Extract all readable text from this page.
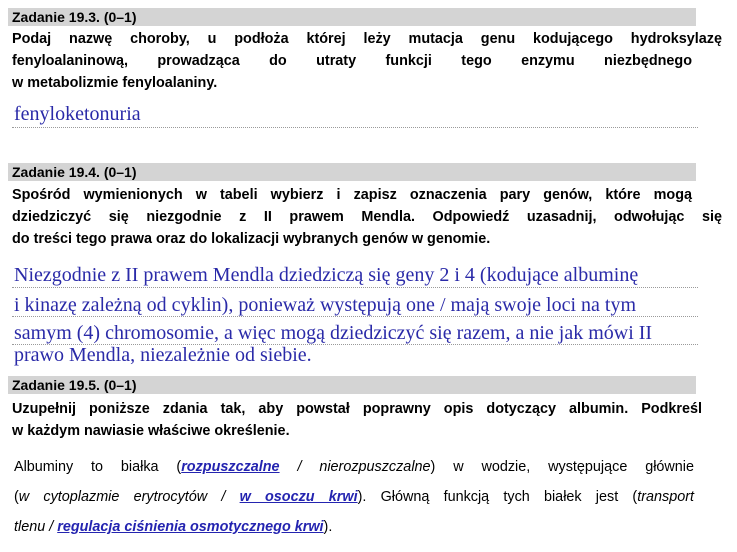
Zadanie 19.3. (0–1)
Podaj nazwę choroby, u podłoża której leży mutacja genu kodującego hydroksylazę
fenyloalaninową, prowadząca do utraty funkcji tego enzymu niezbędnego
w metabolizmie fenyloalaniny.
fenyloketonuria
Zadanie 19.4. (0–1)
Spośród wymienionych w tabeli wybierz i zapisz oznaczenia pary genów, które mogą
dziedziczyć się niezgodnie z II prawem Mendla. Odpowiedź uzasadnij, odwołując się
do treści tego prawa oraz do lokalizacji wybranych genów w genomie.
Niezgodnie z II prawem Mendla dziedziczą się geny 2 i 4 (kodujące albuminę
i kinazę zależną od cyklin), ponieważ występują one / mają swoje loci na tym
samym (4) chromosomie, a więc mogą dziedziczyć się razem, a nie jak mówi II
prawo Mendla, niezależnie od siebie.
Zadanie 19.5. (0–1)
Uzupełnij poniższe zdania tak, aby powstał poprawny opis dotyczący albumin. Podkreśl
w każdym nawiasie właściwe określenie.
Albuminy to białka (rozpuszczalne / nierozpuszczalne) w wodzie, występujące głównie
(w cytoplazmie erytrocytów / w osoczu krwi). Główną funkcją tych białek jest (transport
tlenu / regulacja ciśnienia osmotycznego krwi).
